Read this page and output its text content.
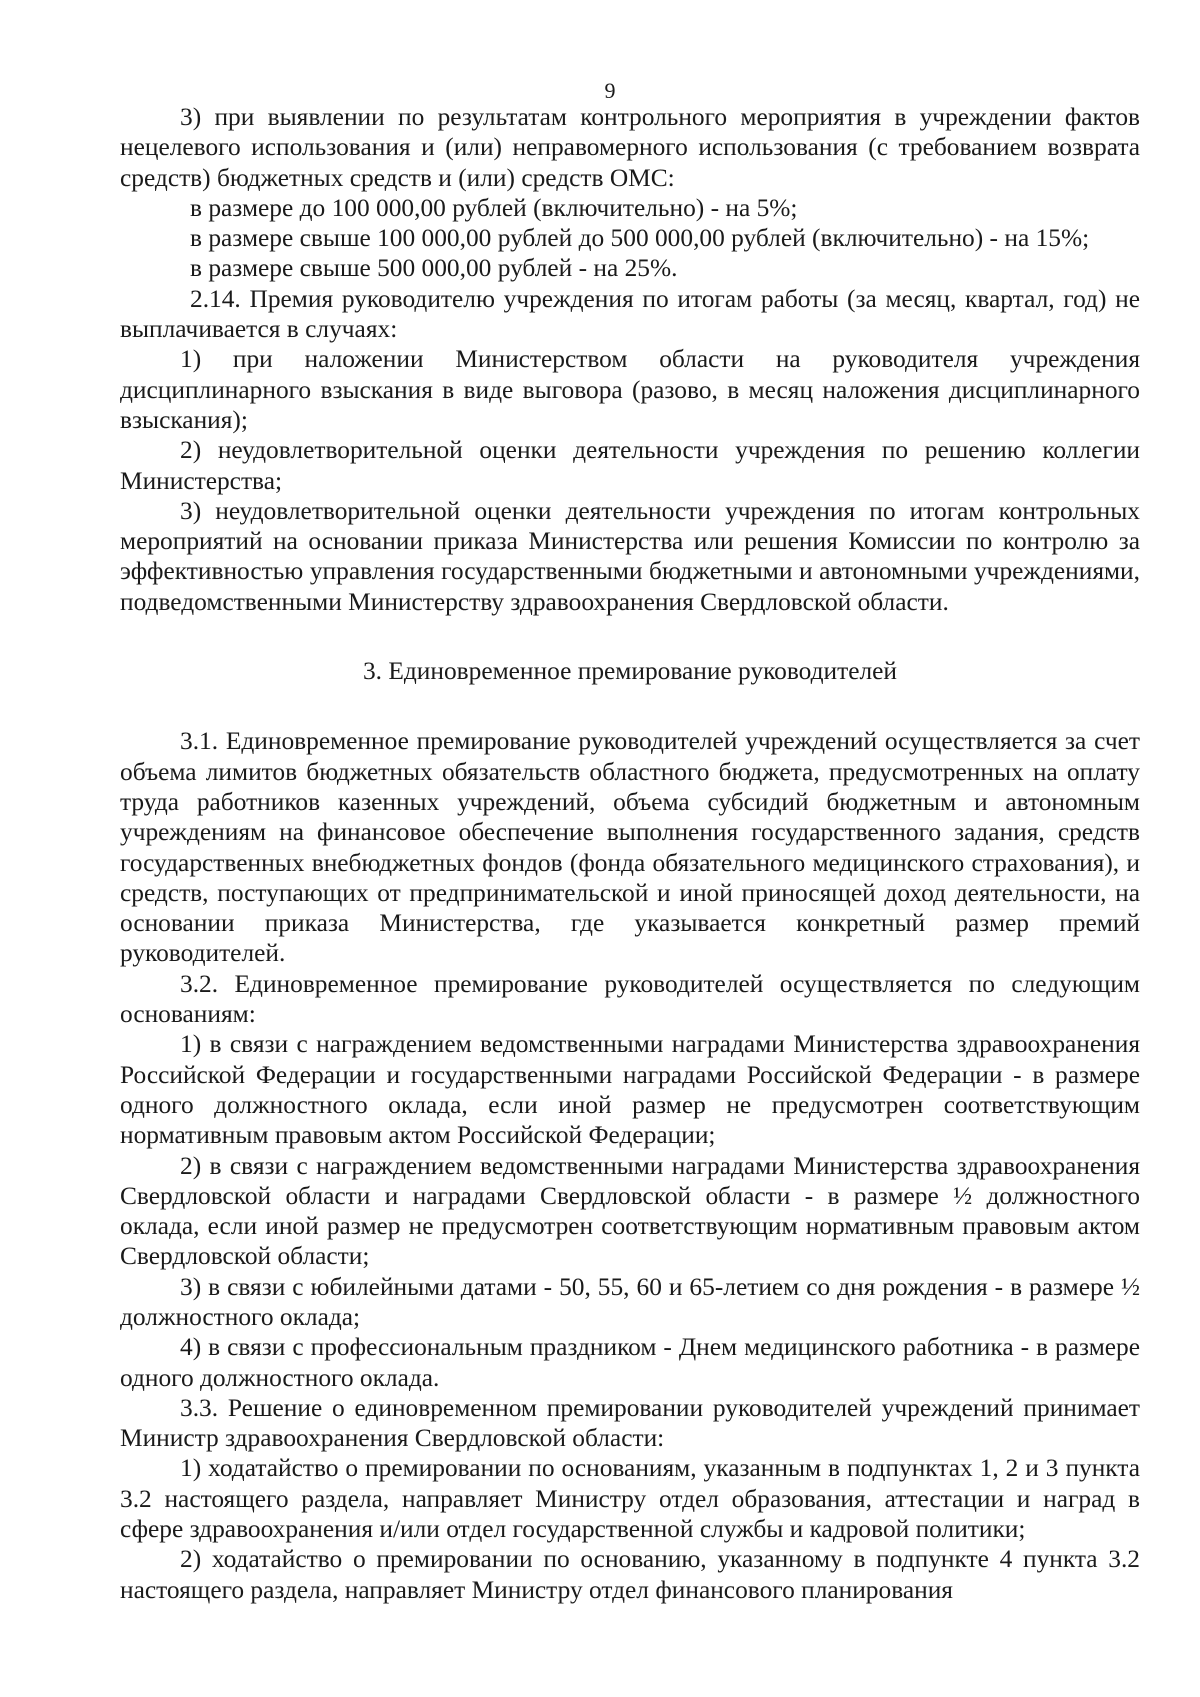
9

3) при выявлении по результатам контрольного мероприятия в учреждении фактов нецелевого использования и (или) неправомерного использования (с требованием возврата средств) бюджетных средств и (или) средств ОМС:

в размере до 100 000,00 рублей (включительно) - на 5%;

в размере свыше 100 000,00 рублей до 500 000,00 рублей (включительно) - на 15%;

в размере свыше 500 000,00 рублей - на 25%.

2.14. Премия руководителю учреждения по итогам работы (за месяц, квартал, год) не выплачивается в случаях:

1) при наложении Министерством области на руководителя учреждения дисциплинарного взыскания в виде выговора (разово, в месяц наложения дисциплинарного взыскания);

2) неудовлетворительной оценки деятельности учреждения по решению коллегии Министерства;

3) неудовлетворительной оценки деятельности учреждения по итогам контрольных мероприятий на основании приказа Министерства или решения Комиссии по контролю за эффективностью управления государственными бюджетными и автономными учреждениями, подведомственными Министерству здравоохранения Свердловской области.

3. Единовременное премирование руководителей

3.1. Единовременное премирование руководителей учреждений осуществляется за счет объема лимитов бюджетных обязательств областного бюджета, предусмотренных на оплату труда работников казенных учреждений, объема субсидий бюджетным и автономным учреждениям на финансовое обеспечение выполнения государственного задания, средств государственных внебюджетных фондов (фонда обязательного медицинского страхования), и средств, поступающих от предпринимательской и иной приносящей доход деятельности, на основании приказа Министерства, где указывается конкретный размер премий руководителей.

3.2. Единовременное премирование руководителей осуществляется по следующим основаниям:

1) в связи с награждением ведомственными наградами Министерства здравоохранения Российской Федерации и государственными наградами Российской Федерации - в размере одного должностного оклада, если иной размер не предусмотрен соответствующим нормативным правовым актом Российской Федерации;

2) в связи с награждением ведомственными наградами Министерства здравоохранения Свердловской области и наградами Свердловской области - в размере ½ должностного оклада, если иной размер не предусмотрен соответствующим нормативным правовым актом Свердловской области;

3) в связи с юбилейными датами - 50, 55, 60 и 65-летием со дня рождения - в размере ½ должностного оклада;

4) в связи с профессиональным праздником - Днем медицинского работника - в размере одного должностного оклада.

3.3. Решение о единовременном премировании руководителей учреждений принимает Министр здравоохранения Свердловской области:

1) ходатайство о премировании по основаниям, указанным в подпунктах 1, 2 и 3 пункта 3.2 настоящего раздела, направляет Министру отдел образования, аттестации и наград в сфере здравоохранения и/или отдел государственной службы и кадровой политики;

2) ходатайство о премировании по основанию, указанному в подпункте 4 пункта 3.2 настоящего раздела, направляет Министру отдел финансового планирования
